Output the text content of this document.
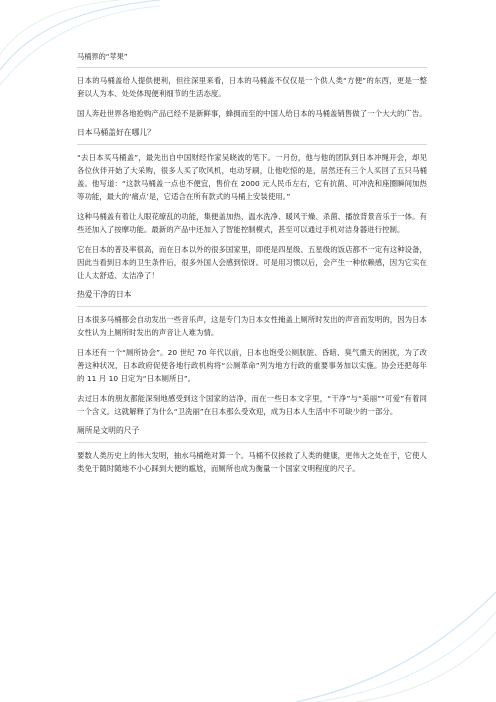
马桶界的“苹果”

日本的马桶盖给人提供便利，但往深里来看，日本的马桶盖不仅仅是一个供人类“方便”的东西，更是一整套以人为本、处处体现便利细节的生活态度。

国人奔赴世界各地抢购产品已经不是新鲜事，蜂拥而至的中国人给日本的马桶盖销售做了一个大大的广告。

日本马桶盖好在哪儿？

“去日本买马桶盖”，最先出自中国财经作家吴晓波的笔下。一月份，他与他的团队到日本冲绳开会，却见各位伙伴开始了大采购，很多人买了吹风机，电动牙刷，让他吃惊的是，居然还有三个人买回了五只马桶盖。他写道：“这款马桶盖一点也不便宜，售价在 2000 元人民币左右，它有抗菌、可冲洗和座圈瞬间加热等功能，最大的‘痛点’是，它适合在所有款式的马桶上安装使用。”

这种马桶盖有着让人眼花缭乱的功能，集便盖加热、温水洗净、暖风干燥、杀菌、播放背景音乐于一体。有些还加入了按摩功能。最新的产品中还加入了智能控制模式，甚至可以通过手机对洁身器进行控制。

它在日本的普及率很高，而在日本以外的很多国家里，即使是四星级、五星级的饭店都不一定有这种设备，因此当看到日本的卫生条件后，很多外国人会感到惊讶。可是用习惯以后，会产生一种依赖感，因为它实在让人太舒适、太洁净了！

热爱干净的日本

日本很多马桶都会自动发出一些音乐声，这是专门为日本女性掩盖上厕所时发出的声音而发明的，因为日本女性认为上厕所时发出的声音让人难为情。

日本还有一个“厕所协会”。20 世纪 70 年代以前，日本也饱受公厕肮脏、昏暗、臭气熏天的困扰，为了改善这种状况，日本政府促使各地行政机构将“公厕革命”列为地方行政的重要事务加以实施。协会还把每年的 11 月 10 日定为“日本厕所日”。

去过日本的朋友都能深刻地感受到这个国家的洁净，而在一些日本文字里，“干净”与“美丽”“可爱”有着同一个含义。这就解释了为什么“卫洗丽”在日本那么受欢迎，成为日本人生活中不可缺少的一部分。

厕所是文明的尺子

要数人类历史上的伟大发明，抽水马桶绝对算一个。马桶不仅拯救了人类的健康，更伟大之处在于，它使人类免于随时随地不小心踩到大便的尴尬，而厕所也成为衡量一个国家文明程度的尺子。
